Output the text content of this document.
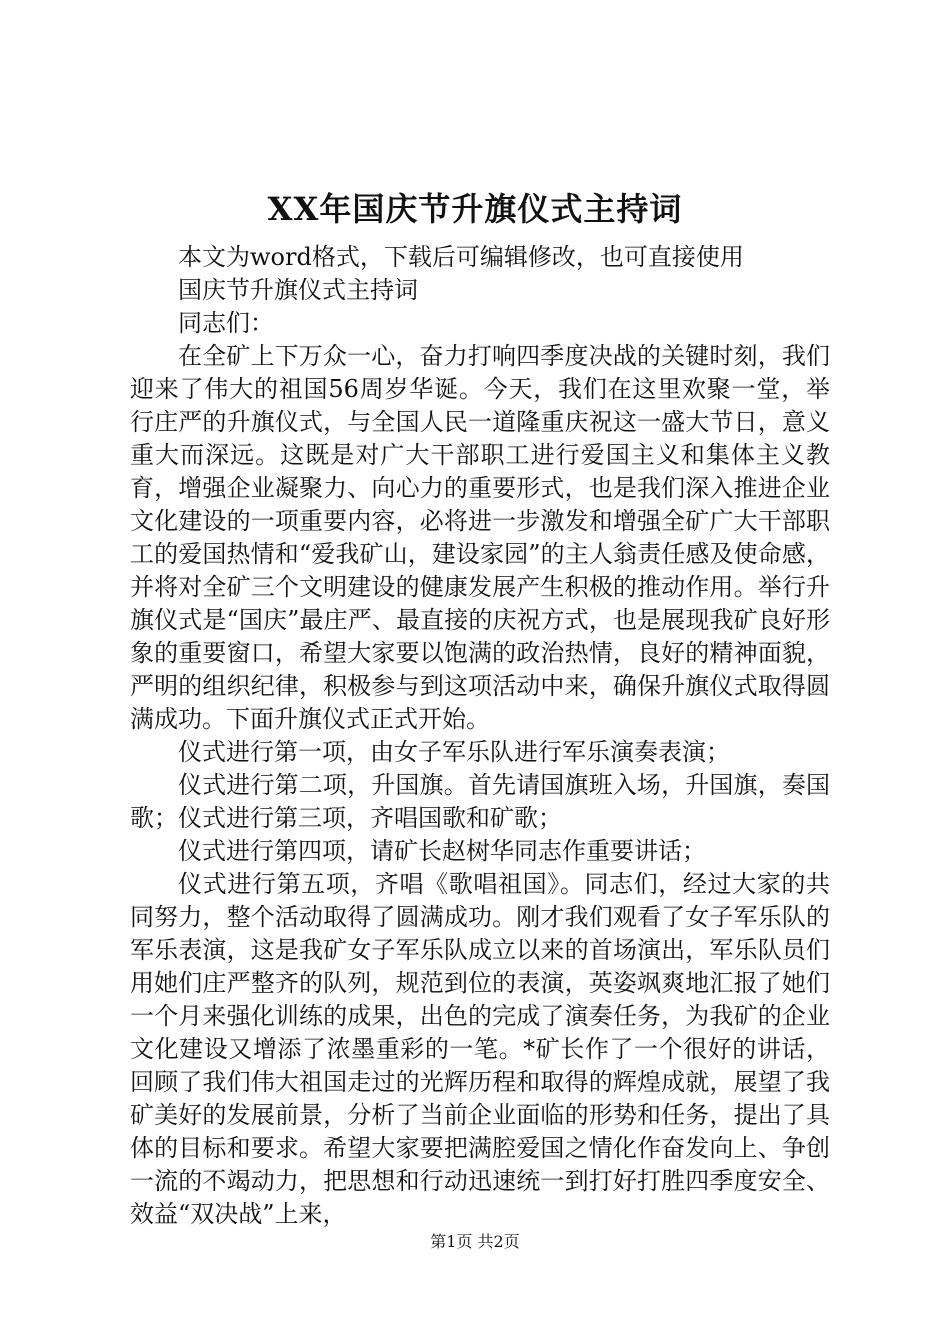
XX年国庆节升旗仪式主持词

本文为word格式，下载后可编辑修改，也可直接使用

国庆节升旗仪式主持词

同志们：

在全矿上下万众一心，奋力打响四季度决战的关键时刻，我们迎来了伟大的祖国56周岁华诞。今天，我们在这里欢聚一堂，举行庄严的升旗仪式，与全国人民一道隆重庆祝这一盛大节日，意义重大而深远。这既是对广大干部职工进行爱国主义和集体主义教育，增强企业凝聚力、向心力的重要形式，也是我们深入推进企业文化建设的一项重要内容，必将进一步激发和增强全矿广大干部职工的爱国热情和“爱我矿山，建设家园”的主人翁责任感及使命感，并将对全矿三个文明建设的健康发展产生积极的推动作用。举行升旗仪式是“国庆”最庄严、最直接的庆祝方式，也是展现我矿良好形象的重要窗口，希望大家要以饱满的政治热情，良好的精神面貌，严明的组织纪律，积极参与到这项活动中来，确保升旗仪式取得圆满成功。下面升旗仪式正式开始。

仪式进行第一项，由女子军乐队进行军乐演奏表演；

仪式进行第二项，升国旗。首先请国旗班入场，升国旗，奏国歌；仪式进行第三项，齐唱国歌和矿歌；

仪式进行第四项，请矿长赵树华同志作重要讲话；

仪式进行第五项，齐唱《歌唱祖国》。同志们，经过大家的共同努力，整个活动取得了圆满成功。刚才我们观看了女子军乐队的军乐表演，这是我矿女子军乐队成立以来的首场演出，军乐队员们用她们庄严整齐的队列，规范到位的表演，英姿飒爽地汇报了她们一个月来强化训练的成果，出色的完成了演奏任务，为我矿的企业文化建设又增添了浓墨重彩的一笔。*矿长作了一个很好的讲话，回顾了我们伟大祖国走过的光辉历程和取得的辉煌成就，展望了我矿美好的发展前景，分析了当前企业面临的形势和任务，提出了具体的目标和要求。希望大家要把满腔爱国之情化作奋发向上、争创一流的不竭动力，把思想和行动迅速统一到打好打胜四季度安全、效益“双决战”上来，

第1页 共2页
